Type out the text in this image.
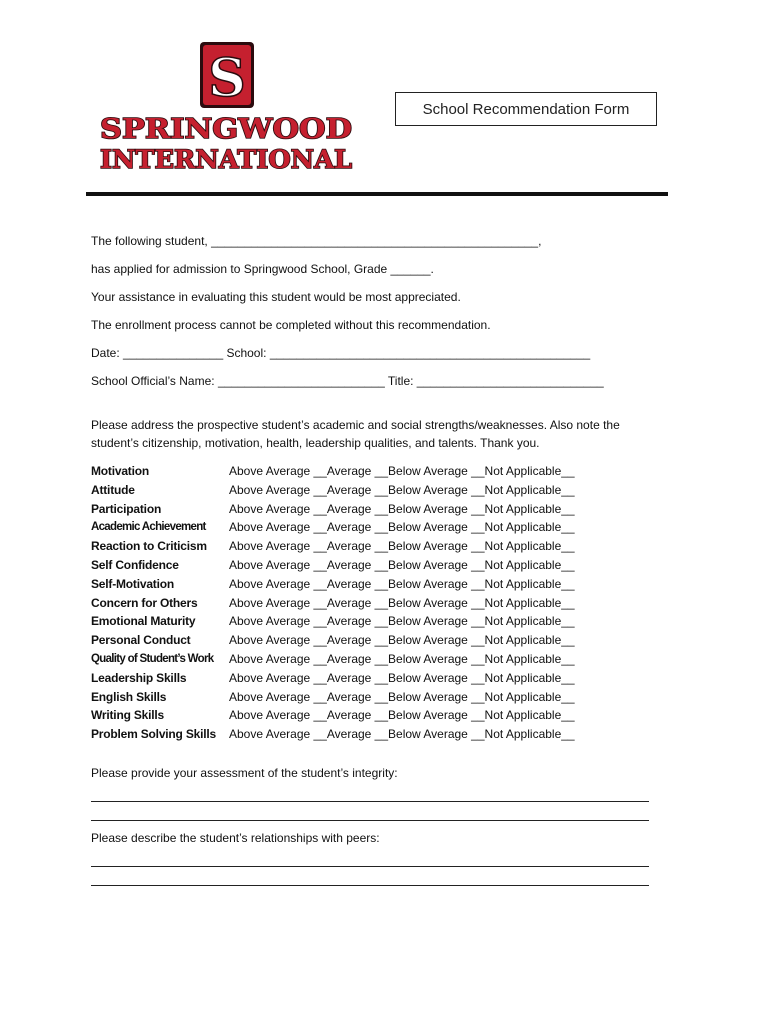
S
SPRINGWOOD
INTERNATIONAL
School Recommendation Form

The following student, _________________________________________________,

has applied for admission to Springwood School, Grade ______.

Your assistance in evaluating this student would be most appreciated.

The enrollment process cannot be completed without this recommendation.

Date: _______________ School: ________________________________________________

School Official’s Name: _________________________ Title: ____________________________

Please address the prospective student’s academic and social strengths/weaknesses. Also note the student’s citizenship, motivation, health, leadership qualities, and talents. Thank you.

Motivation	Above Average __Average __Below Average __Not Applicable__
Attitude	Above Average __Average __Below Average __Not Applicable__
Participation	Above Average __Average __Below Average __Not Applicable__
Academic Achievement	Above Average __Average __Below Average __Not Applicable__
Reaction to Criticism	Above Average __Average __Below Average __Not Applicable__
Self Confidence	Above Average __Average __Below Average __Not Applicable__
Self-Motivation	Above Average __Average __Below Average __Not Applicable__
Concern for Others	Above Average __Average __Below Average __Not Applicable__
Emotional Maturity	Above Average __Average __Below Average __Not Applicable__
Personal Conduct	Above Average __Average __Below Average __Not Applicable__
Quality of Student’s Work	Above Average __Average __Below Average __Not Applicable__
Leadership Skills	Above Average __Average __Below Average __Not Applicable__
English Skills	Above Average __Average __Below Average __Not Applicable__
Writing Skills	Above Average __Average __Below Average __Not Applicable__
Problem Solving Skills	Above Average __Average __Below Average __Not Applicable__

Please provide your assessment of the student’s integrity:

Please describe the student’s relationships with peers:
